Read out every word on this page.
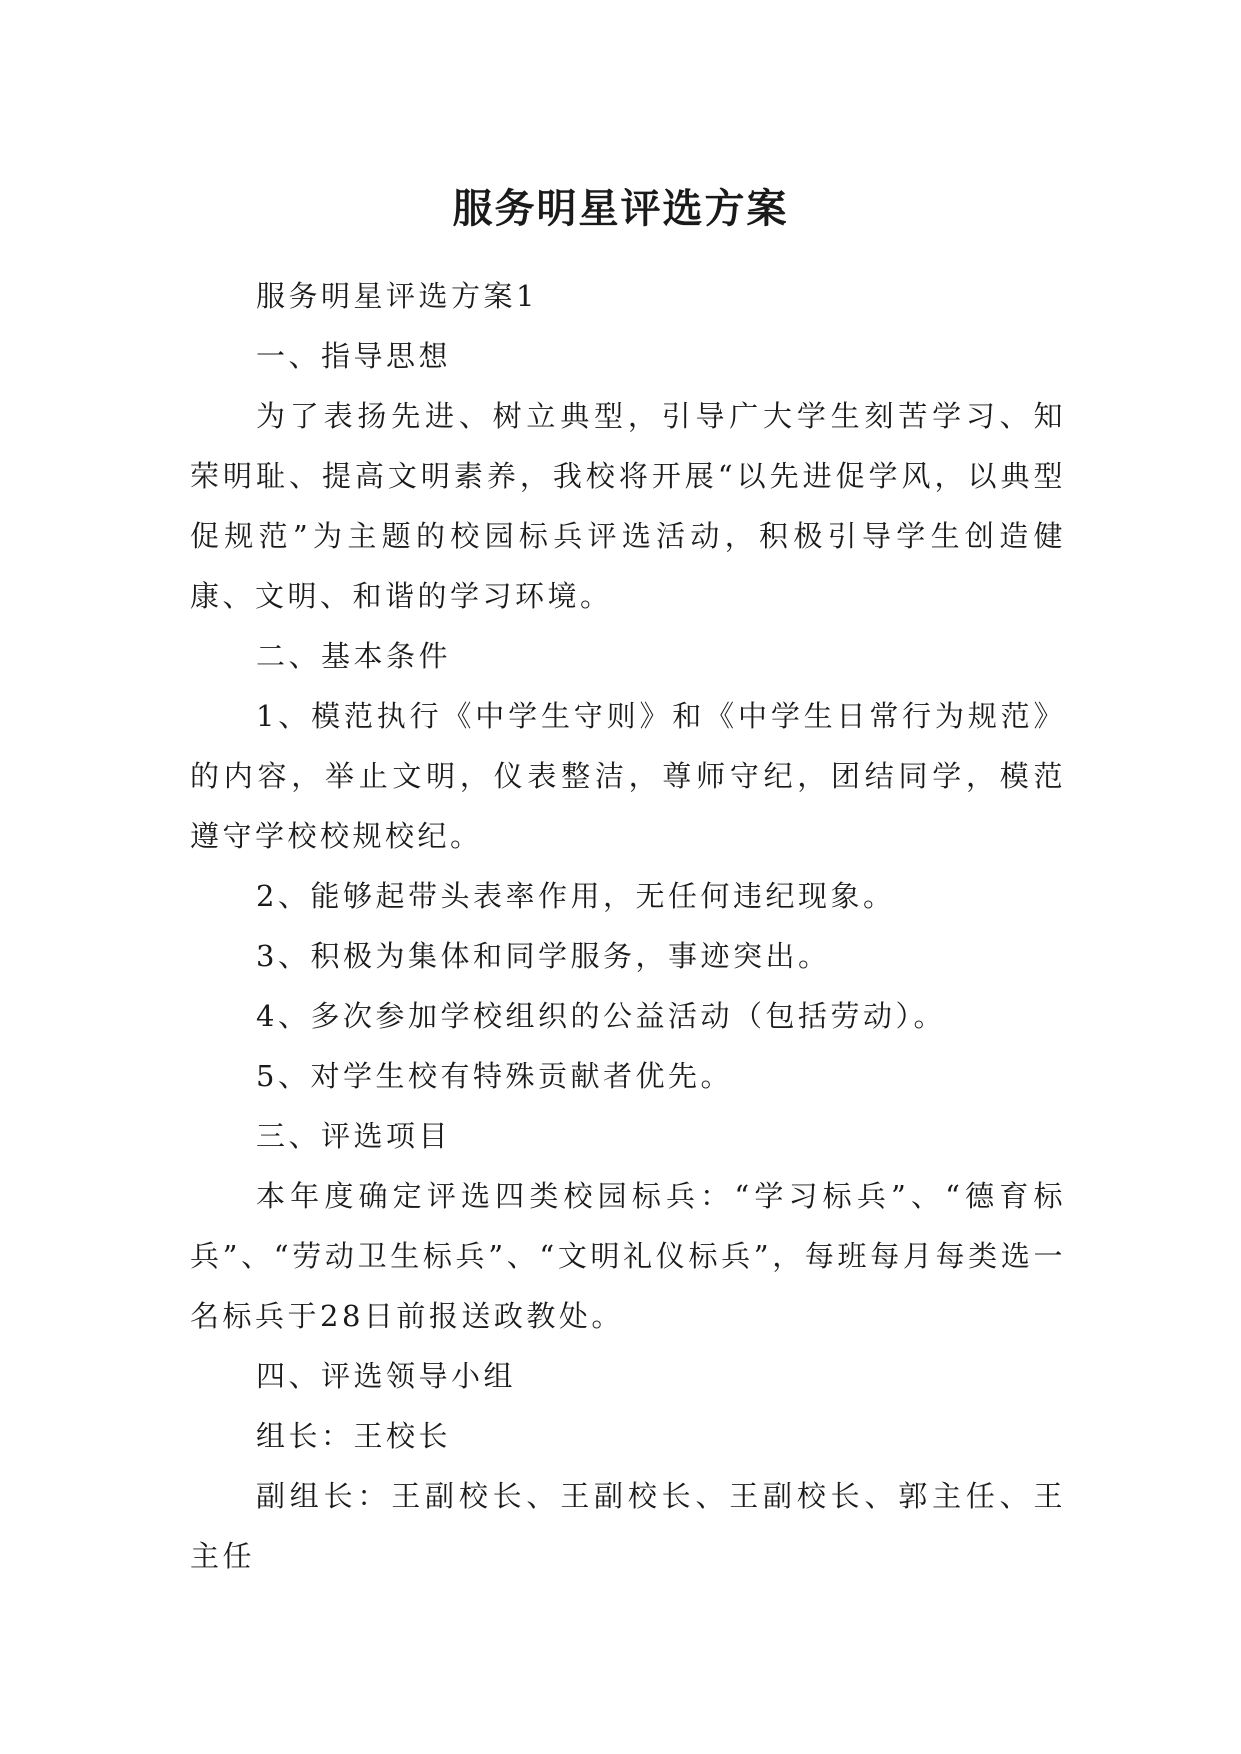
服务明星评选方案

服务明星评选方案1

一、指导思想

为了表扬先进、树立典型，引导广大学生刻苦学习、知荣明耻、提高文明素养，我校将开展“以先进促学风，以典型促规范”为主题的校园标兵评选活动，积极引导学生创造健康、文明、和谐的学习环境。

二、基本条件

1、模范执行《中学生守则》和《中学生日常行为规范》的内容，举止文明，仪表整洁，尊师守纪，团结同学，模范遵守学校校规校纪。

2、能够起带头表率作用，无任何违纪现象。

3、积极为集体和同学服务，事迹突出。

4、多次参加学校组织的公益活动（包括劳动）。

5、对学生校有特殊贡献者优先。

三、评选项目

本年度确定评选四类校园标兵：“学习标兵”、“德育标兵”、“劳动卫生标兵”、“文明礼仪标兵”，每班每月每类选一名标兵于28日前报送政教处。

四、评选领导小组

组长：王校长

副组长：王副校长、王副校长、王副校长、郭主任、王主任
